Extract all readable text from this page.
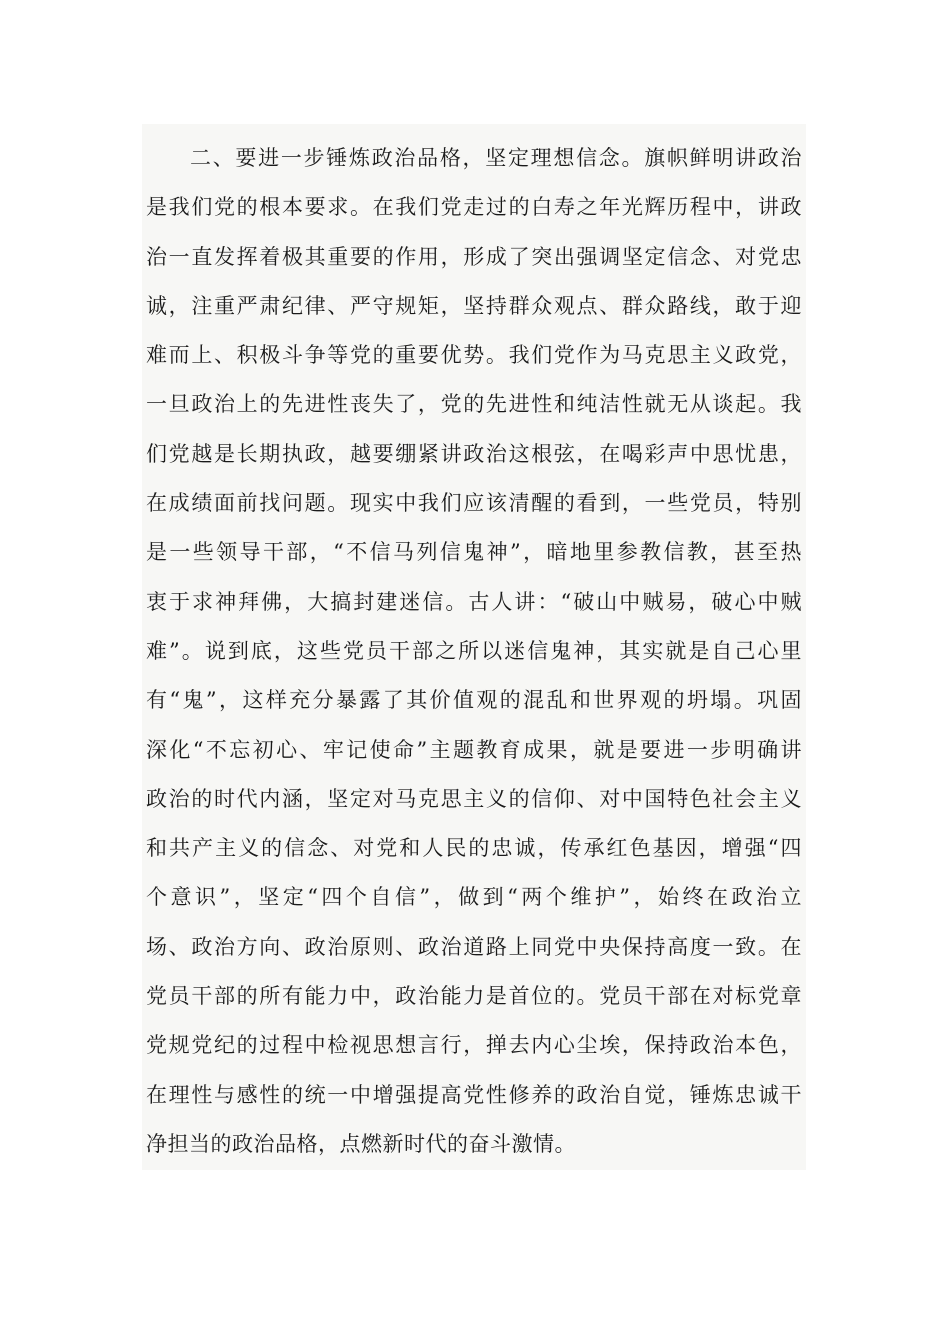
二、要进一步锤炼政治品格，坚定理想信念。旗帜鲜明讲政治
是我们党的根本要求。在我们党走过的白寿之年光辉历程中，讲政
治一直发挥着极其重要的作用，形成了突出强调坚定信念、对党忠
诚，注重严肃纪律、严守规矩，坚持群众观点、群众路线，敢于迎
难而上、积极斗争等党的重要优势。我们党作为马克思主义政党，
一旦政治上的先进性丧失了，党的先进性和纯洁性就无从谈起。我
们党越是长期执政，越要绷紧讲政治这根弦，在喝彩声中思忧患，
在成绩面前找问题。现实中我们应该清醒的看到，一些党员，特别
是一些领导干部，“不信马列信鬼神”，暗地里参教信教，甚至热
衷于求神拜佛，大搞封建迷信。古人讲：“破山中贼易，破心中贼
难”。说到底，这些党员干部之所以迷信鬼神，其实就是自己心里
有“鬼”，这样充分暴露了其价值观的混乱和世界观的坍塌。巩固
深化“不忘初心、牢记使命”主题教育成果，就是要进一步明确讲
政治的时代内涵，坚定对马克思主义的信仰、对中国特色社会主义
和共产主义的信念、对党和人民的忠诚，传承红色基因，增强“四
个意识”，坚定“四个自信”，做到“两个维护”，始终在政治立
场、政治方向、政治原则、政治道路上同党中央保持高度一致。在
党员干部的所有能力中，政治能力是首位的。党员干部在对标党章
党规党纪的过程中检视思想言行，掸去内心尘埃，保持政治本色，
在理性与感性的统一中增强提高党性修养的政治自觉，锤炼忠诚干
净担当的政治品格，点燃新时代的奋斗激情。
